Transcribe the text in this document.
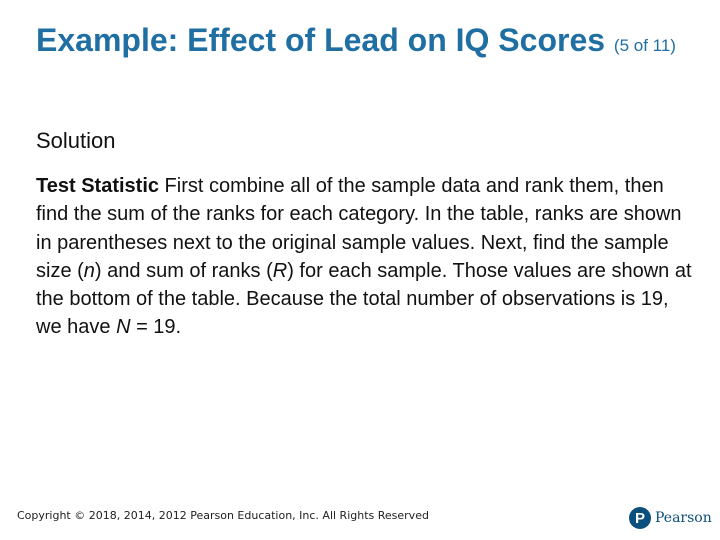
Example: Effect of Lead on IQ Scores (5 of 11)
Solution

Test Statistic First combine all of the sample data and rank them, then find the sum of the ranks for each category. In the table, ranks are shown in parentheses next to the original sample values. Next, find the sample size (n) and sum of ranks (R) for each sample. Those values are shown at the bottom of the table. Because the total number of observations is 19, we have N = 19.

Copyright © 2018, 2014, 2012 Pearson Education, Inc. All Rights Reserved	P Pearson
